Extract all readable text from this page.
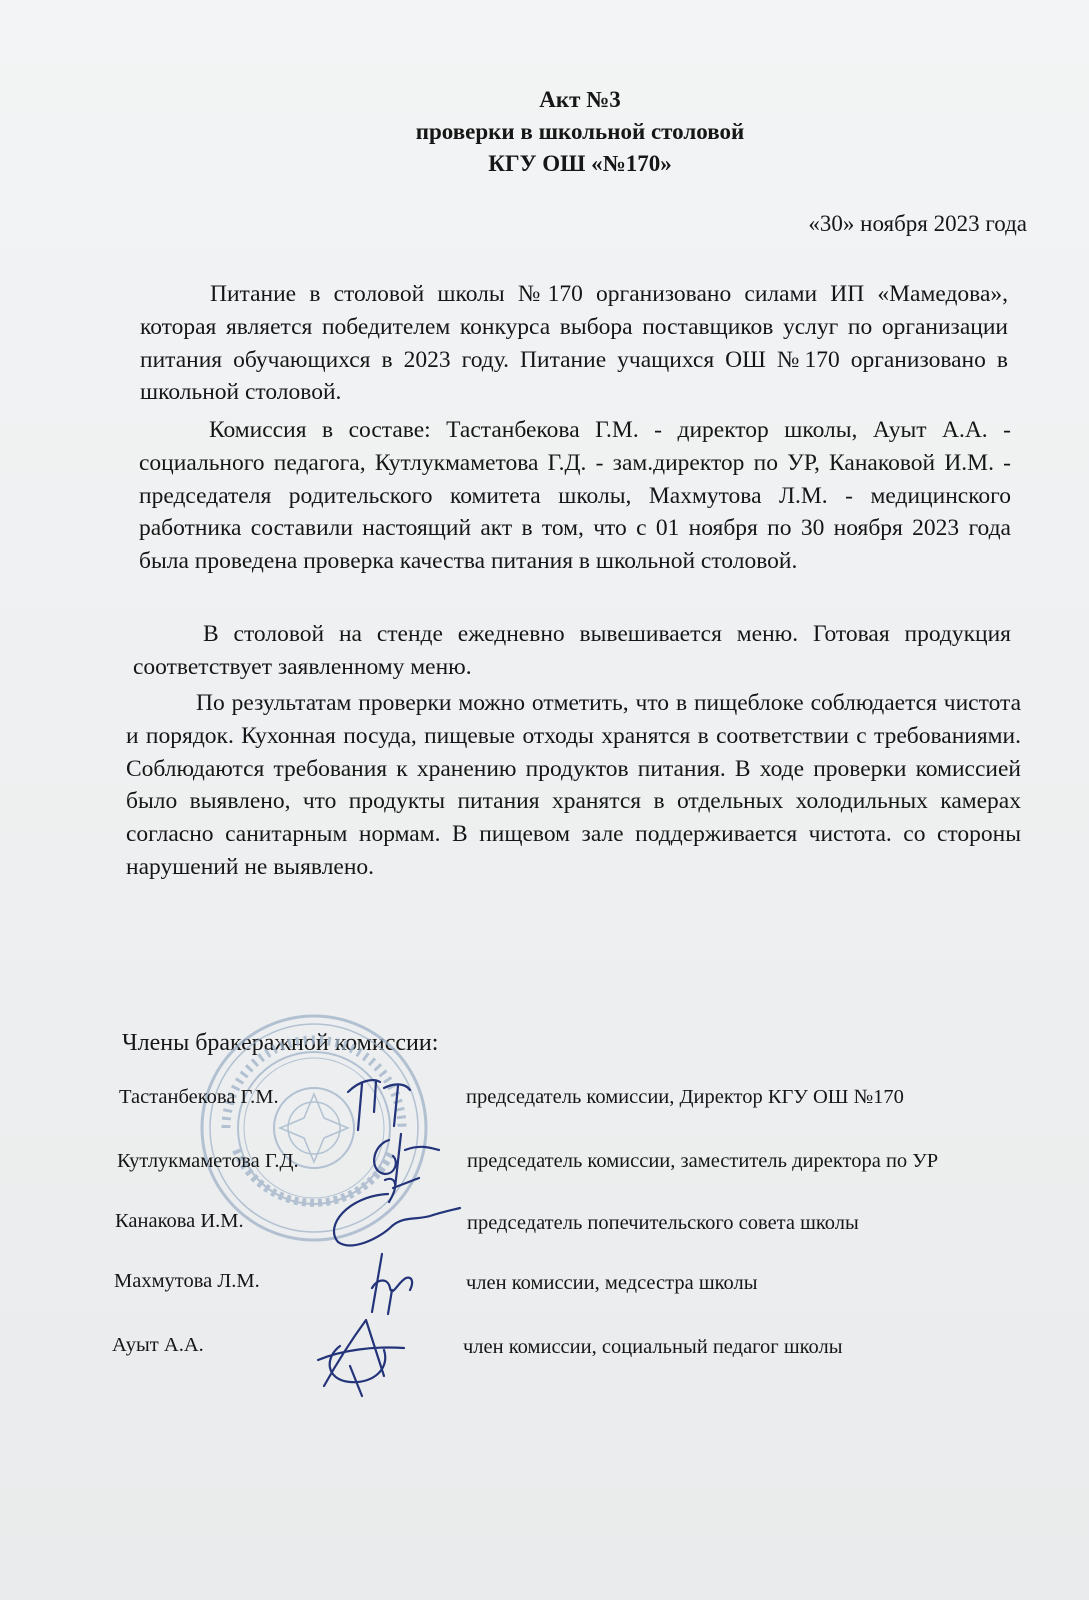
Акт №3

проверки в школьной столовой

КГУ ОШ «№170»

«30» ноября 2023 года

Питание в столовой школы №170 организовано силами ИП «Мамедова», которая является победителем конкурса выбора поставщиков услуг по организации питания обучающихся в 2023 году. Питание учащихся ОШ №170 организовано в школьной столовой.

Комиссия в составе: Тастанбекова Г.М. - директор школы, Ауыт А.А. - социального педагога, Кутлукмаметова Г.Д. - зам.директор по УР, Канаковой И.М. - председателя родительского комитета школы, Махмутова Л.М. - медицинского работника составили настоящий акт в том, что с 01 ноября по 30 ноября 2023 года была проведена проверка качества питания в школьной столовой.

В столовой на стенде ежедневно вывешивается меню. Готовая продукция соответствует заявленному меню.

По результатам проверки можно отметить, что в пищеблоке соблюдается чистота и порядок. Кухонная посуда, пищевые отходы хранятся в соответствии с требованиями. Соблюдаются требования к хранению продуктов питания. В ходе проверки комиссией было выявлено, что продукты питания хранятся в отдельных холодильных камерах согласно санитарным нормам. В пищевом зале поддерживается чистота. со стороны нарушений не выявлено.

Члены бракеражной комиссии:

Тастанбекова Г.М.	председатель комиссии, Директор КГУ ОШ №170

Кутлукмаметова Г.Д.	председатель комиссии, заместитель директора по УР

Канакова И.М.	председатель попечительского совета школы

Махмутова Л.М.	член комиссии, медсестра школы

Ауыт А.А.	член комиссии, социальный педагог школы
